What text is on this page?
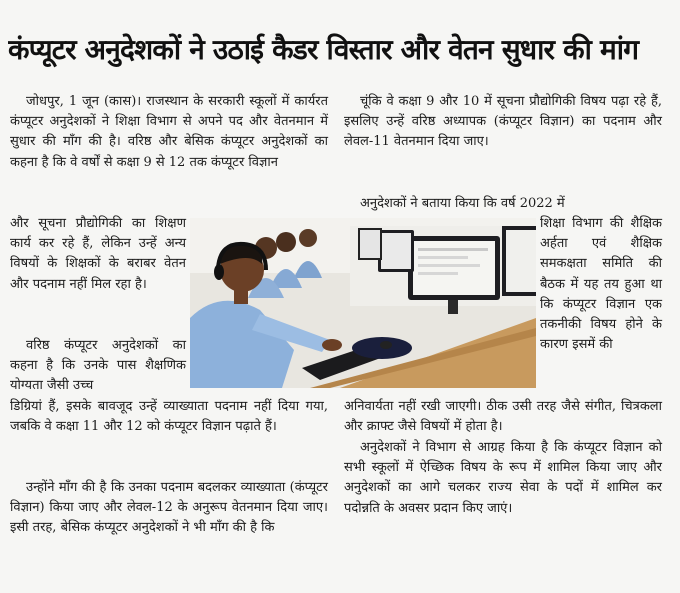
कंप्यूटर अनुदेशकों ने उठाई कैडर विस्तार और वेतन सुधार की मांग

जोधपुर, 1 जून (कास)। राजस्थान के सरकारी स्कूलों में कार्यरत कंप्यूटर अनुदेशकों ने शिक्षा विभाग से अपने पद और वेतनमान में सुधार की माँग की है। वरिष्ठ और बेसिक कंप्यूटर अनुदेशकों का कहना है कि वे वर्षों से कक्षा 9 से 12 तक कंप्यूटर विज्ञान

और सूचना प्रौद्योगिकी का शिक्षण कार्य कर रहे हैं, लेकिन उन्हें अन्य विषयों के शिक्षकों के बराबर वेतन और पदनाम नहीं मिल रहा है।

वरिष्ठ कंप्यूटर अनुदेशकों का कहना है कि उनके पास शैक्षणिक योग्यता जैसी उच्च

डिग्रियां हैं, इसके बावजूद उन्हें व्याख्याता पदनाम नहीं दिया गया, जबकि वे कक्षा 11 और 12 को कंप्यूटर विज्ञान पढ़ाते हैं।

उन्होंने माँग की है कि उनका पदनाम बदलकर व्याख्याता (कंप्यूटर विज्ञान) किया जाए और लेवल-12 के अनुरूप वेतनमान दिया जाए।इसी तरह, बेसिक कंप्यूटर अनुदेशकों ने भी माँग की है कि

चूंकि वे कक्षा 9 और 10 में सूचना प्रौद्योगिकी विषय पढ़ा रहे हैं, इसलिए उन्हें वरिष्ठ अध्यापक (कंप्यूटर विज्ञान) का पदनाम और लेवल-11 वेतनमान दिया जाए।

अनुदेशकों ने बताया किया कि वर्ष 2022 में

शिक्षा विभाग की शैक्षिक अर्हता एवं शैक्षिक समकक्षता समिति की बैठक में यह तय हुआ था कि कंप्यूटर विज्ञान एक तकनीकी विषय होने के कारण इसमें की

अनिवार्यता नहीं रखी जाएगी। ठीक उसी तरह जैसे संगीत, चित्रकला और क्राफ्ट जैसे विषयों में होता है।

अनुदेशकों ने विभाग से आग्रह किया है कि कंप्यूटर विज्ञान को सभी स्कूलों में ऐच्छिक विषय के रूप में शामिल किया जाए और अनुदेशकों का आगे चलकर राज्य सेवा के पदों में शामिल कर पदोन्नति के अवसर प्रदान किए जाएं।
